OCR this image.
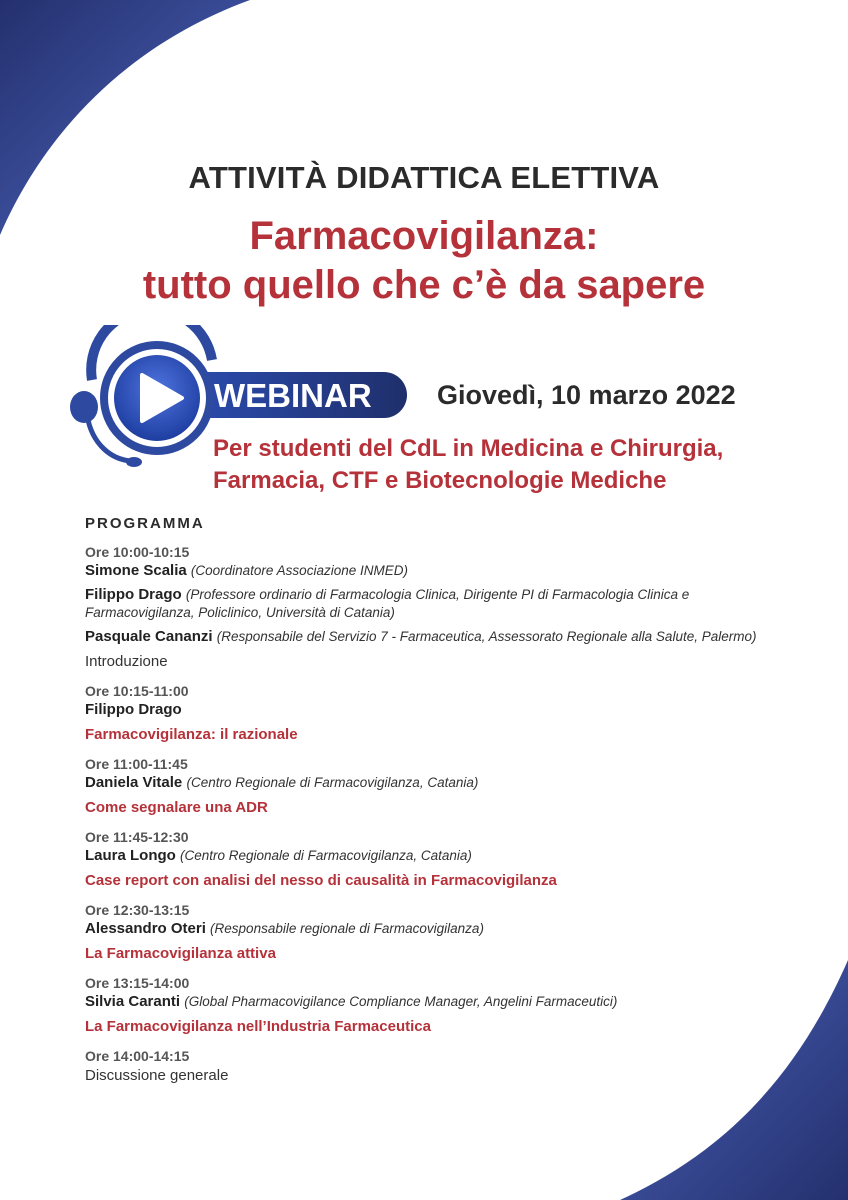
ATTIVITÀ DIDATTICA ELETTIVA
Farmacovigilanza:
tutto quello che c’è da sapere
WEBINAR Giovedì, 10 marzo 2022
Per studenti del CdL in Medicina e Chirurgia,
Farmacia, CTF e Biotecnologie Mediche
PROGRAMMA
Ore 10:00-10:15
Simone Scalia (Coordinatore Associazione INMED)
Filippo Drago (Professore ordinario di Farmacologia Clinica, Dirigente PI di Farmacologia Clinica e Farmacovigilanza, Policlinico, Università di Catania)
Pasquale Cananzi (Responsabile del Servizio 7 - Farmaceutica, Assessorato Regionale alla Salute, Palermo)
Introduzione
Ore 10:15-11:00
Filippo Drago
Farmacovigilanza: il razionale
Ore 11:00-11:45
Daniela Vitale (Centro Regionale di Farmacovigilanza, Catania)
Come segnalare una ADR
Ore 11:45-12:30
Laura Longo (Centro Regionale di Farmacovigilanza, Catania)
Case report con analisi del nesso di causalità in Farmacovigilanza
Ore 12:30-13:15
Alessandro Oteri (Responsabile regionale di Farmacovigilanza)
La Farmacovigilanza attiva
Ore 13:15-14:00
Silvia Caranti (Global Pharmacovigilance Compliance Manager, Angelini Farmaceutici)
La Farmacovigilanza nell’Industria Farmaceutica
Ore 14:00-14:15
Discussione generale
